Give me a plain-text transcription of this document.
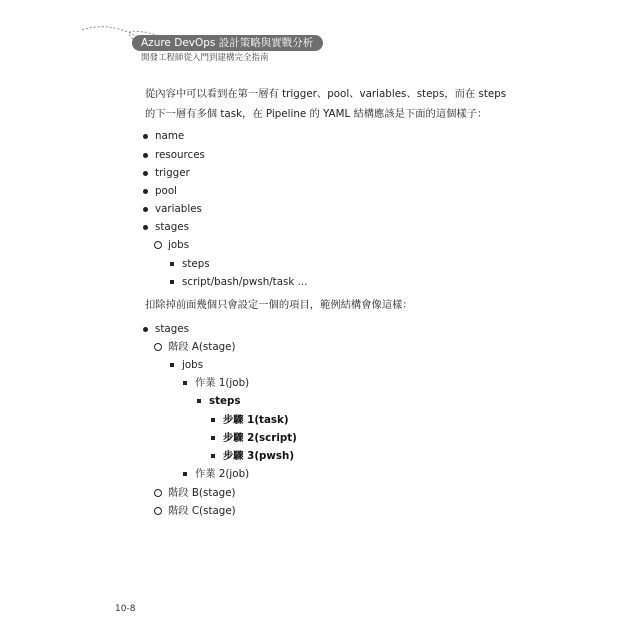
Azure DevOps 設計策略與實戰分析
開發工程師從入門到建構完全指南
從內容中可以看到在第一層有 trigger、pool、variables、steps，而在 steps
的下一層有多個 task，在 Pipeline 的 YAML 結構應該是下面的這個樣子：
name
resources
trigger
pool
variables
stages
jobs
steps
script/bash/pwsh/task ...
扣除掉前面幾個只會設定一個的項目，範例結構會像這樣：
stages
階段 A(stage)
jobs
作業 1(job)
steps
步驟 1(task)
步驟 2(script)
步驟 3(pwsh)
作業 2(job)
階段 B(stage)
階段 C(stage)
10-8
